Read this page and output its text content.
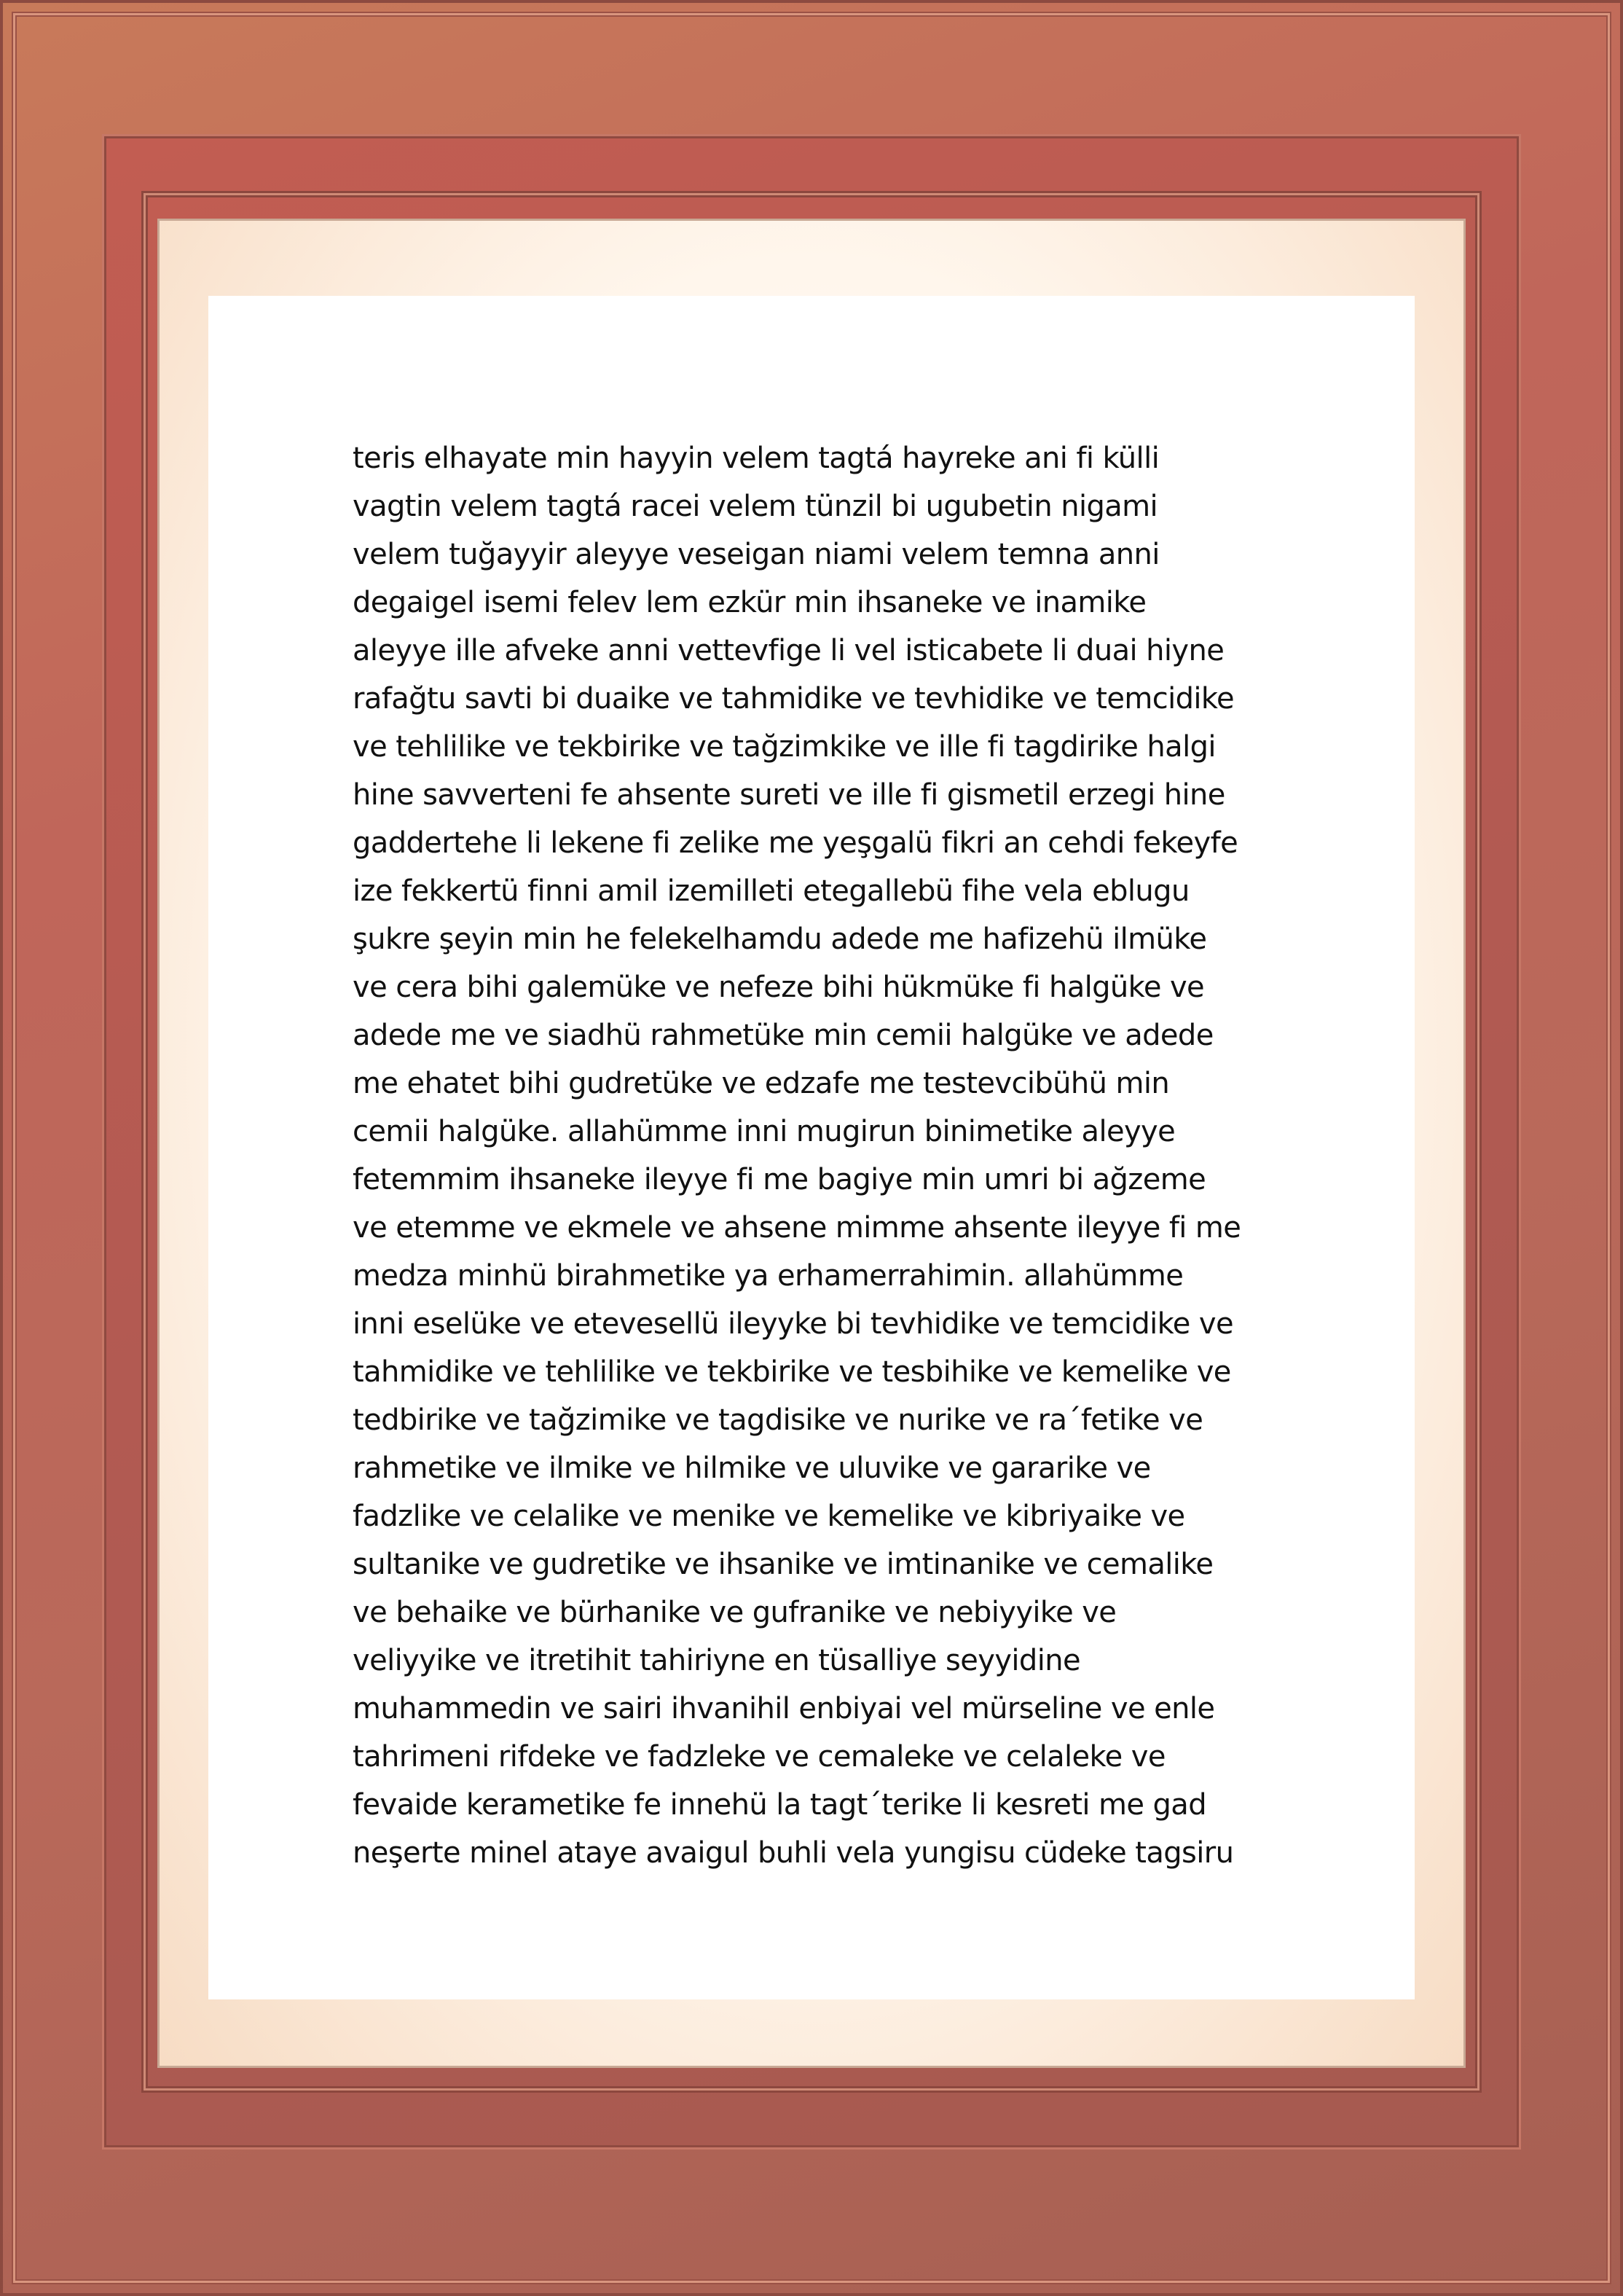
teris elhayate min hayyin velem tagtá hayreke ani fi külli
vagtin velem tagtá racei velem tünzil bi ugubetin nigami
velem tuğayyir aleyye veseigan niami velem temna anni
degaigel isemi felev lem ezkür min ihsaneke ve inamike
aleyye ille afveke anni vettevfige li vel isticabete li duai hiyne
rafağtu savti bi duaike ve tahmidike ve tevhidike ve temcidike
ve tehlilike ve tekbirike ve tağzimkike ve ille fi tagdirike halgi
hine savverteni fe ahsente sureti ve ille fi gismetil erzegi hine
gaddertehe li lekene fi zelike me yeşgalü fikri an cehdi fekeyfe
ize fekkertü finni amil izemilleti etegallebü fihe vela eblugu
şukre şeyin min he felekelhamdu adede me hafizehü ilmüke
ve cera bihi galemüke ve nefeze bihi hükmüke fi halgüke ve
adede me ve siadhü rahmetüke min cemii halgüke ve adede
me ehatet bihi gudretüke ve edzafe me testevcibühü min
cemii halgüke. allahümme inni mugirun binimetike aleyye
fetemmim ihsaneke ileyye fi me bagiye min umri bi ağzeme
ve etemme ve ekmele ve ahsene mimme ahsente ileyye fi me
medza minhü birahmetike ya erhamerrahimin. allahümme
inni eselüke ve etevesellü ileyyke bi tevhidike ve temcidike ve
tahmidike ve tehlilike ve tekbirike ve tesbihike ve kemelike ve
tedbirike ve tağzimike ve tagdisike ve nurike ve ra´fetike ve
rahmetike ve ilmike ve hilmike ve uluvike ve gararike ve
fadzlike ve celalike ve menike ve kemelike ve kibriyaike ve
sultanike ve gudretike ve ihsanike ve imtinanike ve cemalike
ve behaike ve bürhanike ve gufranike ve nebiyyike ve
veliyyike ve itretihit tahiriyne en tüsalliye seyyidine
muhammedin ve sairi ihvanihil enbiyai vel mürseline ve enle
tahrimeni rifdeke ve fadzleke ve cemaleke ve celaleke ve
fevaide kerametike fe innehü la tagt´terike li kesreti me gad
neşerte minel ataye avaigul buhli vela yungisu cüdeke tagsiru
